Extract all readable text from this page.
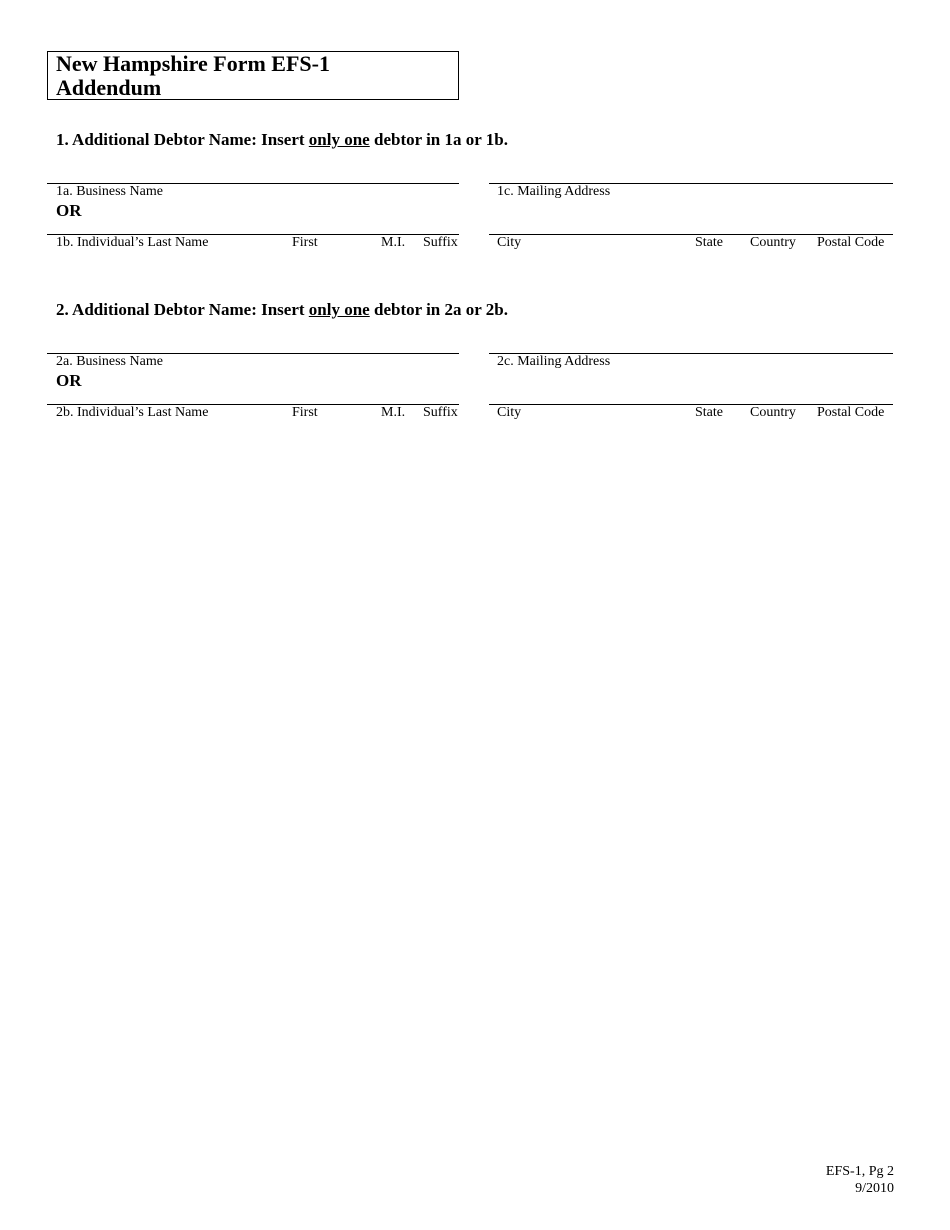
New Hampshire Form EFS-1
Addendum
1. Additional Debtor Name: Insert only one debtor in 1a or 1b.
1a. Business Name	1c. Mailing Address
OR
1b. Individual’s Last Name	First	M.I. Suffix	City	State Country Postal Code
2. Additional Debtor Name: Insert only one debtor in 2a or 2b.
2a. Business Name	2c. Mailing Address
OR
2b. Individual’s Last Name	First	M.I. Suffix	City	State Country Postal Code
EFS-1, Pg 2
9/2010
